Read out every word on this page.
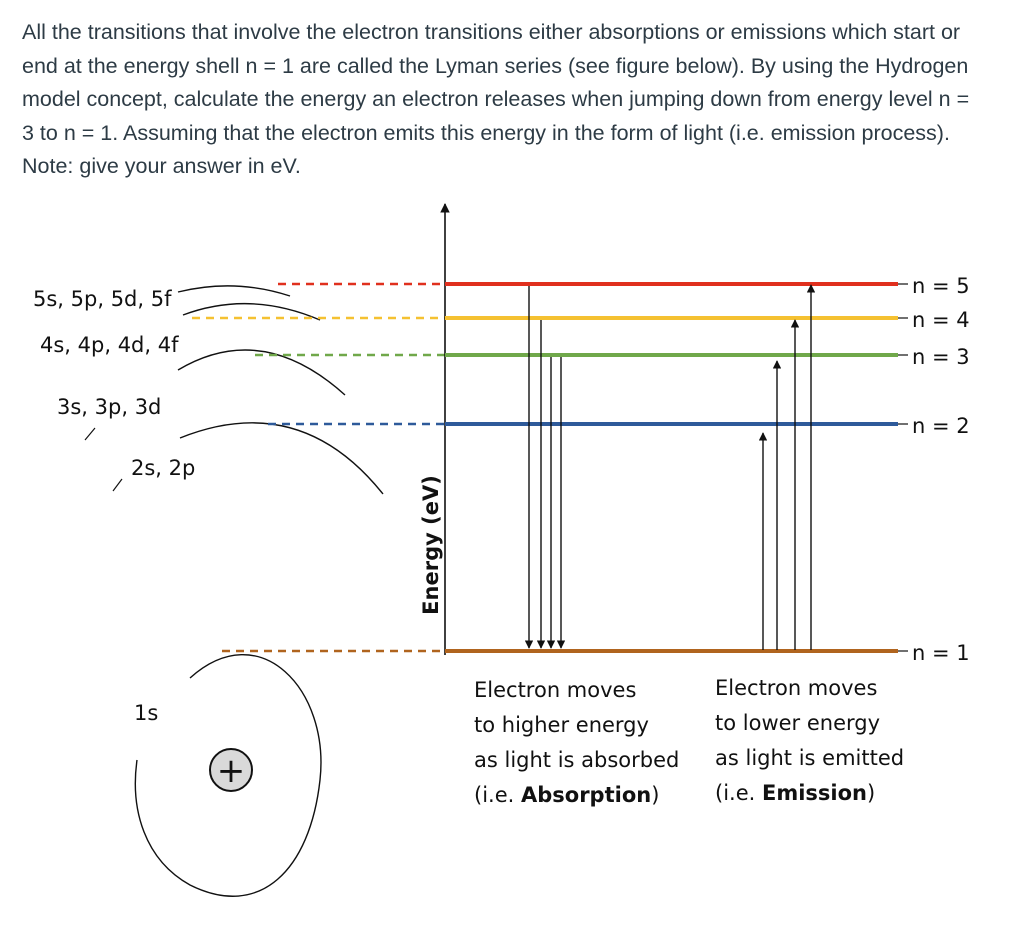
All the transitions that involve the electron transitions either absorptions or emissions which start or
end at the energy shell n = 1 are called the Lyman series (see figure below). By using the Hydrogen
model concept, calculate the energy an electron releases when jumping down from energy level n =
3 to n = 1. Assuming that the electron emits this energy in the form of light (i.e. emission process).
Note: give your answer in eV.
5s, 5p, 5d, 5f
4s, 4p, 4d, 4f
3s, 3p, 3d
2s, 2p
1s
+
Energy (eV)
n = 5
n = 4
n = 3
n = 2
n = 1
Electron moves
to higher energy
as light is absorbed
(i.e. Absorption)
Electron moves
to lower energy
as light is emitted
(i.e. Emission)
